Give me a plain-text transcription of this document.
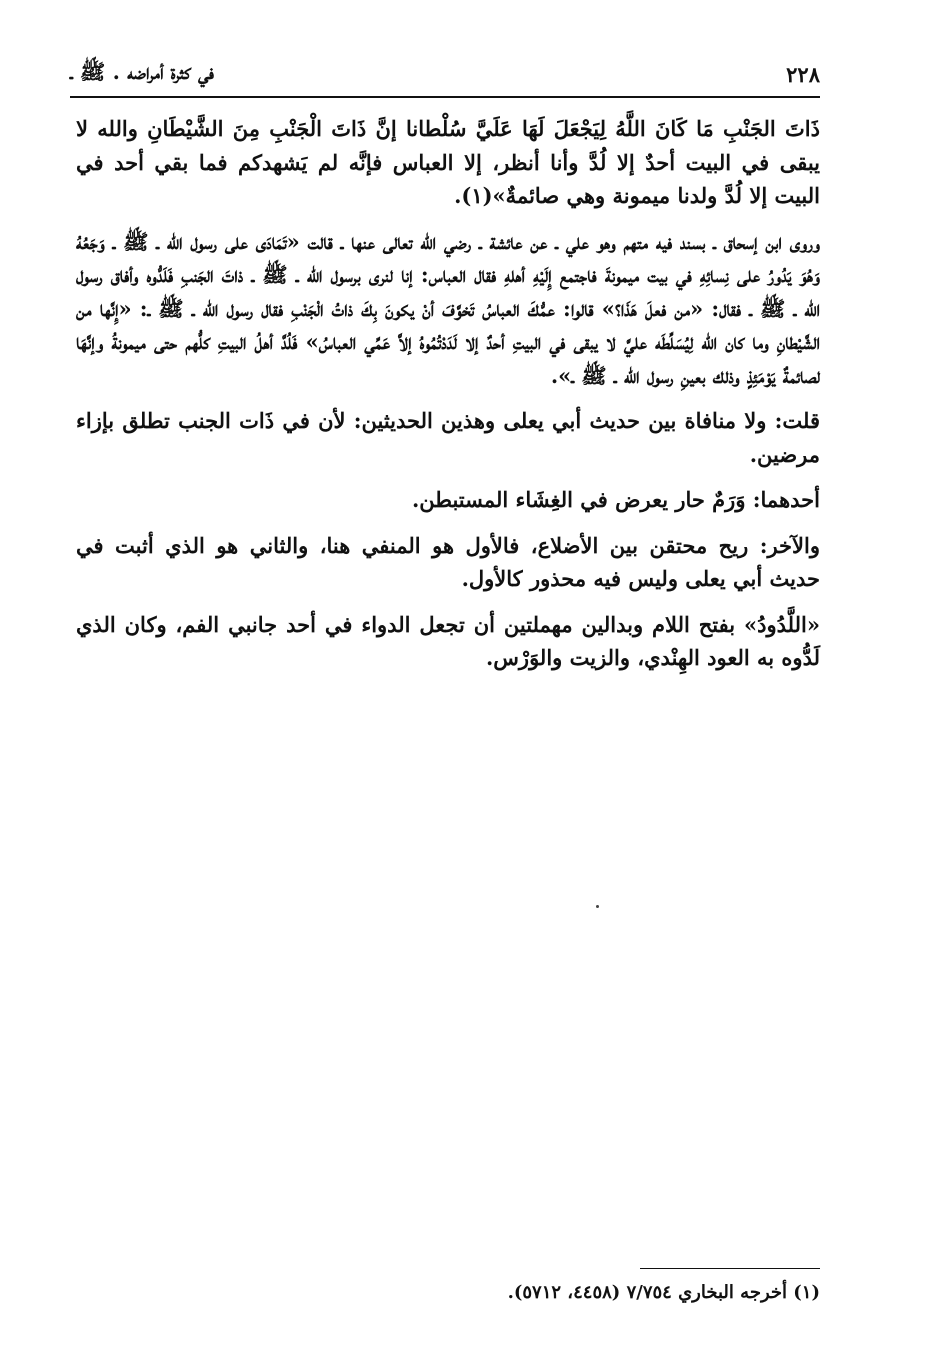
٢٢٨
في كثرة أمراضه . ﷺ ـ

ذَاتَ الجَنْبِ مَا كَانَ اللَّهُ لِيَجْعَلَ لَهَا عَلَيَّ سُلْطانا إنَّ ذَاتَ الْجَنْبِ مِنَ الشَّيْطَانِ والله لا يبقى في البيت أحدٌ إلا لُدَّ وأنا أنظر، إلا العباس فإنَّه لم يَشهدكم فما بقي أحد في البيت إلا لُدَّ ولدنا ميمونة وهي صائمةٌ»(١).

وروى ابن إسحاق ـ بسند فيه متهم وهو علي ـ عن عائشة ـ رضي الله تعالى عنها ـ قالت «تَمَادَى على رسول الله ـ ﷺ ـ وَجَعُهُ وَهُوَ يَدُورُ على نِسائِهِ في بيت ميمونةَ فاجتمع إِلَيْهِ أهلهِ فقال العباس: إنا لنرى برسول الله ـ ﷺ ـ ذاتَ الجَنبِ فَلَدُّوه وأفاق رسول الله ـ ﷺ ـ فقال: «من فعلَ هَذَا؟» قالوا: عمُّكَ العباسُ تَخوَّفَ أنْ يكونَ بِكَ ذاتُ الْجَنْبِ فقال رسول الله ـ ﷺ ـ: «إِنَّها من الشَّيْطانِ وما كان الله لِيُسَلِّطَه عليَّ لا يبقى في البيتِ أحدٌ إلا لَدَدْتُمُوهُ إلاَّ عَمِّي العباسُ» فَلُدَّ أهلُ البيتِ كلُّهم حتى ميمونةُ وإنَّهَا لصائمةٌ يَوْمَئِذٍ وذلك بعينِ رسول الله ـ ﷺ ـ».

قلت: ولا منافاة بين حديث أبي يعلى وهذين الحديثين: لأن في ذَات الجنب تطلق بإزاء مرضين.

أحدهما: وَرَمٌ حار يعرض في الغِشَاء المستبطن.

والآخر: ريح محتقن بين الأضلاع، فالأول هو المنفي هنا، والثاني هو الذي أثبت في حديث أبي يعلى وليس فيه محذور كالأول.

«اللَّدُودُ» بفتح اللام وبدالين مهملتين أن تجعل الدواء في أحد جانبي الفم، وكان الذي لَدُّوه به العود الهِنْدي، والزيت والوَرْس.

(١) أخرجه البخاري ٧/٧٥٤ (٤٤٥٨، ٥٧١٢).
